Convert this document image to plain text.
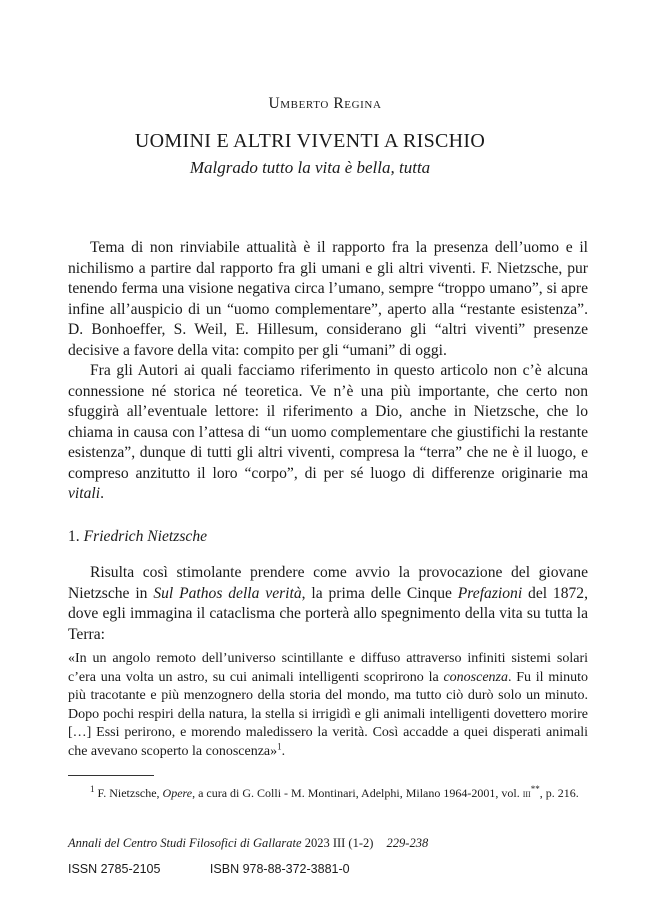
Umberto Regina
UOMINI E ALTRI VIVENTI A RISCHIO
Malgrado tutto la vita è bella, tutta

Tema di non rinviabile attualità è il rapporto fra la presenza dell’uomo e il nichilismo a partire dal rapporto fra gli umani e gli altri viventi. F. Nietzsche, pur tenendo ferma una visione negativa circa l’umano, sempre “troppo umano”, si apre infine all’auspicio di un “uomo complementare”, aperto alla “restante esistenza”. D. Bonhoeffer, S. Weil, E. Hillesum, considerano gli “altri viventi” presenze decisive a favore della vita: compito per gli “umani” di oggi.

Fra gli Autori ai quali facciamo riferimento in questo articolo non c’è alcuna connessione né storica né teoretica. Ve n’è una più importante, che certo non sfuggirà all’eventuale lettore: il riferimento a Dio, anche in Nietzsche, che lo chiama in causa con l’attesa di “un uomo complementare che giustifichi la restante esistenza”, dunque di tutti gli altri viventi, compresa la “terra” che ne è il luogo, e compreso anzitutto il loro “corpo”, di per sé luogo di differenze originarie ma vitali.

1. Friedrich Nietzsche

Risulta così stimolante prendere come avvio la provocazione del giovane Nietzsche in Sul Pathos della verità, la prima delle Cinque Prefazioni del 1872, dove egli immagina il cataclisma che porterà allo spegnimento della vita su tutta la Terra:

«In un angolo remoto dell’universo scintillante e diffuso attraverso infiniti sistemi solari c’era una volta un astro, su cui animali intelligenti scoprirono la conoscenza. Fu il minuto più tracotante e più menzognero della storia del mondo, ma tutto ciò durò solo un minuto. Dopo pochi respiri della natura, la stella si irrigidì e gli animali intelligenti dovettero morire […] Essi perirono, e morendo maledissero la verità. Così accadde a quei disperati animali che avevano scoperto la conoscenza»$^1$.
$^1$ F. Nietzsche, Opere, a cura di G. Colli - M. Montinari, Adelphi, Milano 1964-2001, vol. iii**, p. 216.
Annali del Centro Studi Filosofici di Gallarate 2023 III (1-2) 229-238
ISSN 2785-2105	ISBN 978-88-372-3881-0
